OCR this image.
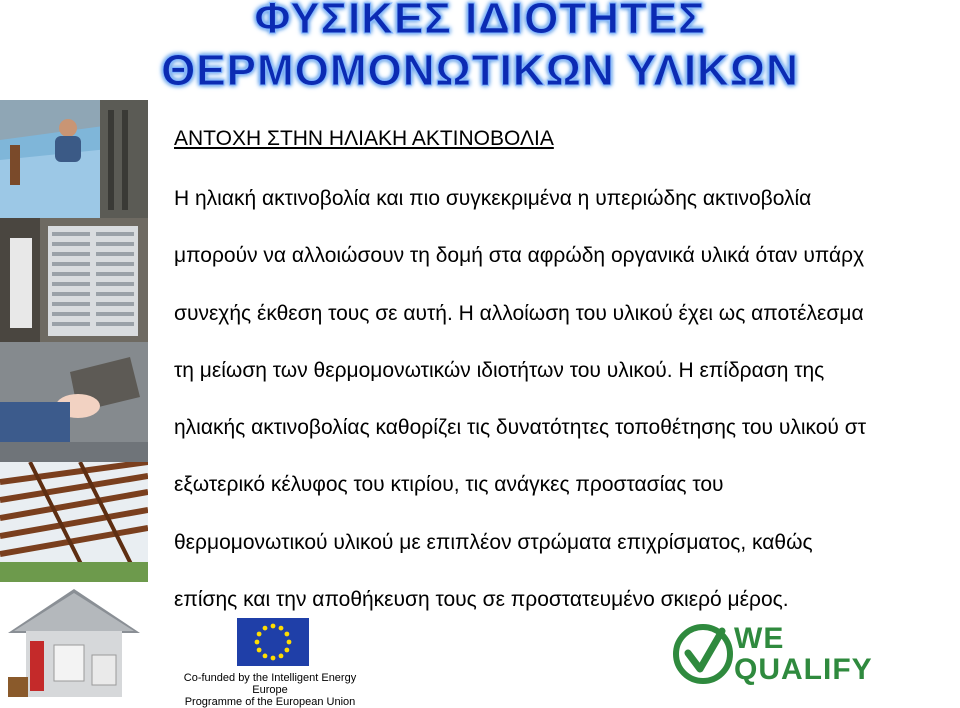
ΦΥΣΙΚΕΣ ΙΔΙΟΤΗΤΕΣ
ΘΕΡΜΟΜΟΝΩΤΙΚΩΝ ΥΛΙΚΩΝ
ΑΝΤΟΧΗ ΣΤΗΝ ΗΛΙΑΚΗ ΑΚΤΙΝΟΒΟΛΙΑ
Η ηλιακή ακτινοβολία και πιο συγκεκριμένα η υπεριώδης ακτινοβολία
μπορούν να αλλοιώσουν τη δομή στα αφρώδη οργανικά υλικά όταν υπάρχ
συνεχής έκθεση τους σε αυτή. Η αλλοίωση του υλικού έχει ως αποτέλεσμα
τη μείωση των θερμομονωτικών ιδιοτήτων του υλικού. Η επίδραση της
ηλιακής ακτινοβολίας καθορίζει τις δυνατότητες τοποθέτησης του υλικού στ
εξωτερικό κέλυφος του κτιρίου, τις ανάγκες προστασίας του
θερμομονωτικού υλικού με επιπλέον στρώματα επιχρίσματος, καθώς
επίσης και την αποθήκευση τους σε προστατευμένο σκιερό μέρος.
Co-funded by the Intelligent Energy Europe
Programme of the European Union
WE
QUALIFY
